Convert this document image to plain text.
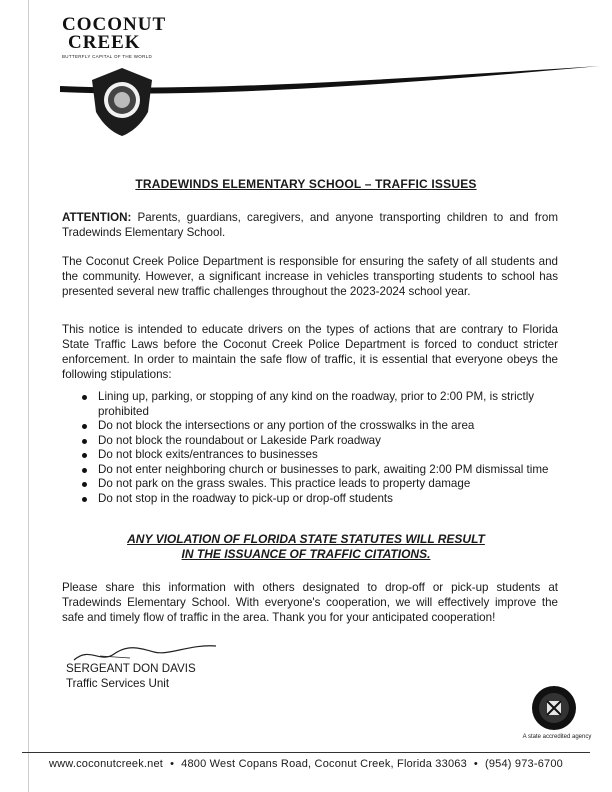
COCONUT
CREEK
BUTTERFLY CAPITAL OF THE WORLD
TRADEWINDS ELEMENTARY SCHOOL – TRAFFIC ISSUES

ATTENTION: Parents, guardians, caregivers, and anyone transporting children to and from Tradewinds Elementary School.

The Coconut Creek Police Department is responsible for ensuring the safety of all students and the community. However, a significant increase in vehicles transporting students to school has presented several new traffic challenges throughout the 2023-2024 school year.

This notice is intended to educate drivers on the types of actions that are contrary to Florida State Traffic Laws before the Coconut Creek Police Department is forced to conduct stricter enforcement. In order to maintain the safe flow of traffic, it is essential that everyone obeys the following stipulations:

Lining up, parking, or stopping of any kind on the roadway, prior to 2:00 PM, is strictly prohibited
Do not block the intersections or any portion of the crosswalks in the area
Do not block the roundabout or Lakeside Park roadway
Do not block exits/entrances to businesses
Do not enter neighboring church or businesses to park, awaiting 2:00 PM dismissal time
Do not park on the grass swales. This practice leads to property damage
Do not stop in the roadway to pick-up or drop-off students
ANY VIOLATION OF FLORIDA STATE STATUTES WILL RESULT
IN THE ISSUANCE OF TRAFFIC CITATIONS.

Please share this information with others designated to drop-off or pick-up students at Tradewinds Elementary School. With everyone's cooperation, we will effectively improve the safe and timely flow of traffic in the area. Thank you for your anticipated cooperation!

SERGEANT DON DAVIS
Traffic Services Unit
A state accredited agency
www.coconutcreek.net • 4800 West Copans Road, Coconut Creek, Florida 33063 • (954) 973-6700
